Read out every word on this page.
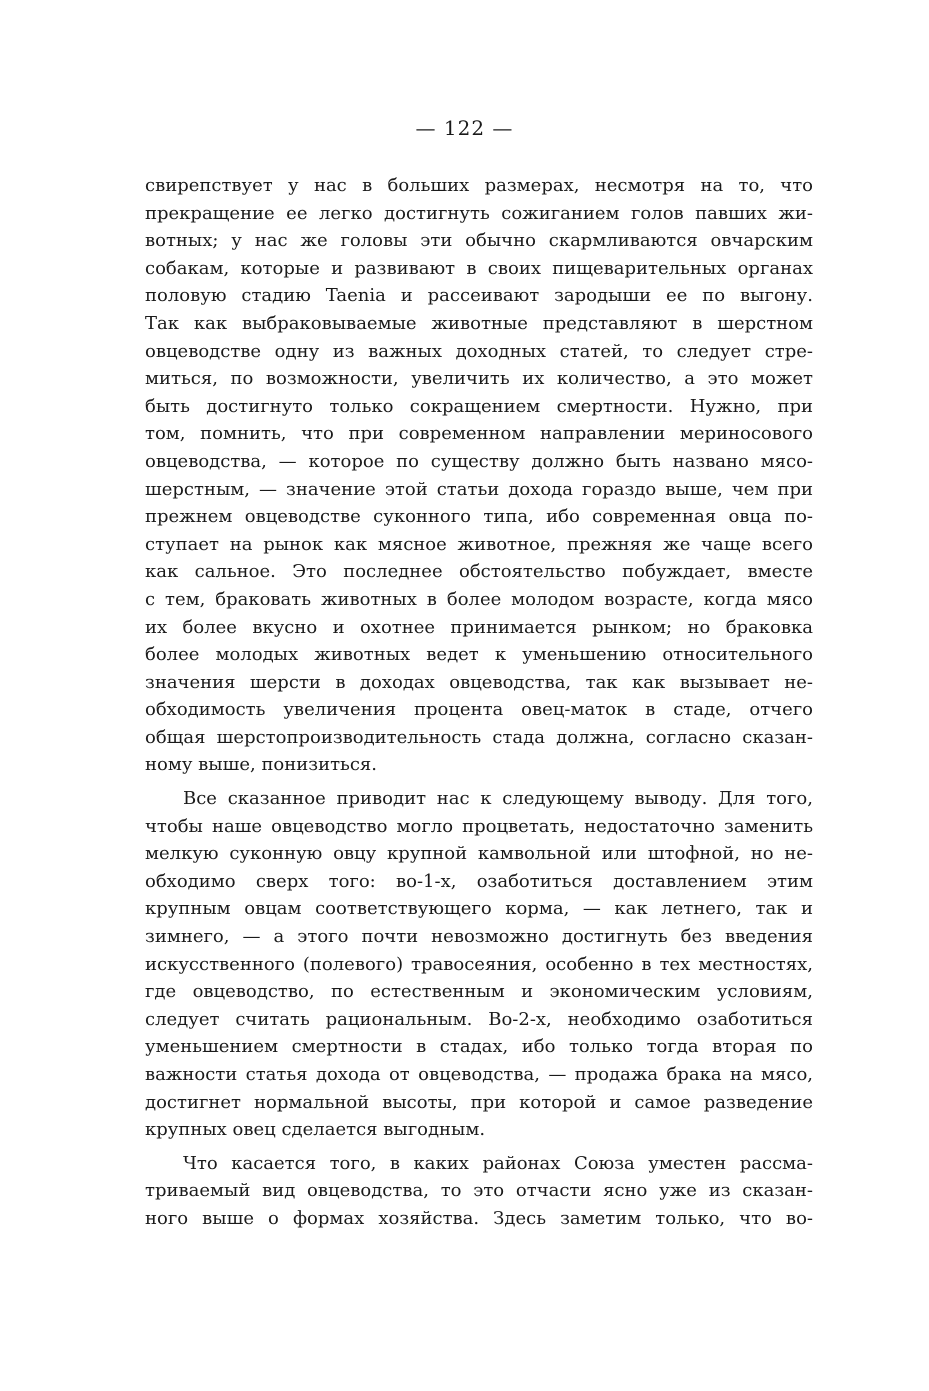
— 122 —
свирепствует у нас в больших размерах, несмотря на то, что
прекращение ее легко достигнуть сожиганием голов павших жи-
вотных; у нас же головы эти обычно скармливаются овчарским
собакам, которые и развивают в своих пищеварительных органах
половую стадию Taenia и рассеивают зародыши ее по выгону.
Так как выбраковываемые животные представляют в шерстном
овцеводстве одну из важных доходных статей, то следует стре-
миться, по возможности, увеличить их количество, а это может
быть достигнуто только сокращением смертности. Нужно, при
том, помнить, что при современном направлении мериносового
овцеводства, — которое по существу должно быть названо мясо-
шерстным, — значение этой статьи дохода гораздо выше, чем при
прежнем овцеводстве суконного типа, ибо современная овца по-
ступает на рынок как мясное животное, прежняя же чаще всего
как сальное. Это последнее обстоятельство побуждает, вместе
с тем, браковать животных в более молодом возрасте, когда мясо
их более вкусно и охотнее принимается рынком; но браковка
более молодых животных ведет к уменьшению относительного
значения шерсти в доходах овцеводства, так как вызывает не-
обходимость увеличения процента овец-маток в стаде, отчего
общая шерстопроизводительность стада должна, согласно сказан-
ному выше, понизиться.
Все сказанное приводит нас к следующему выводу. Для того,
чтобы наше овцеводство могло процветать, недостаточно заменить
мелкую суконную овцу крупной камвольной или штофной, но не-
обходимо сверх того: во-1-х, озаботиться доставлением этим
крупным овцам соответствующего корма, — как летнего, так и
зимнего, — а этого почти невозможно достигнуть без введения
искусственного (полевого) травосеяния, особенно в тех местностях,
где овцеводство, по естественным и экономическим условиям,
следует считать рациональным. Во-2-х, необходимо озаботиться
уменьшением смертности в стадах, ибо только тогда вторая по
важности статья дохода от овцеводства, — продажа брака на мясо,
достигнет нормальной высоты, при которой и самое разведение
крупных овец сделается выгодным.
Что касается того, в каких районах Союза уместен рассма-
триваемый вид овцеводства, то это отчасти ясно уже из сказан-
ного выше о формах хозяйства. Здесь заметим только, что во-
